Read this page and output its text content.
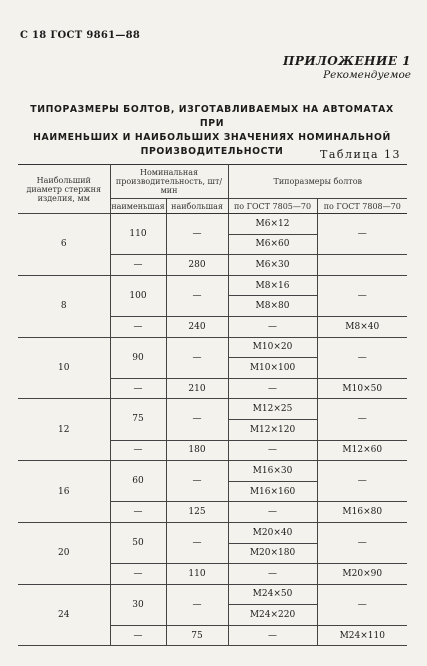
С 18 ГОСТ 9861—88
ПРИЛОЖЕНИЕ 1
Рекомендуемое
ТИПОРАЗМЕРЫ БОЛТОВ, ИЗГОТАВЛИВАЕМЫХ НА АВТОМАТАХ ПРИ
НАИМЕНЬШИХ И НАИБОЛЬШИХ ЗНАЧЕНИЯХ НОМИНАЛЬНОЙ
ПРОИЗВОДИТЕЛЬНОСТИ	Таблица 13
Наибольший диаметр стержня изделия, мм	Номинальная производительность, шт/мин		Типоразмеры болтов	
	наименьшая	наибольшая	по ГОСТ 7805—70	по ГОСТ 7808—70
6	110	—	M6×12	—
			M6×60	
	—	280	M6×30	
8	100	—	M8×16	—
			M8×80	
	—	240	—	M8×40
10	90	—	M10×20	—
			M10×100	
	—	210	—	M10×50
12	75	—	M12×25	—
			M12×120	
	—	180	—	M12×60
16	60	—	M16×30	—
			M16×160	
	—	125	—	M16×80
20	50	—	M20×40	—
			M20×180	
	—	110	—	M20×90
24	30	—	M24×50	—
			M24×220	
	—	75	—	M24×110
